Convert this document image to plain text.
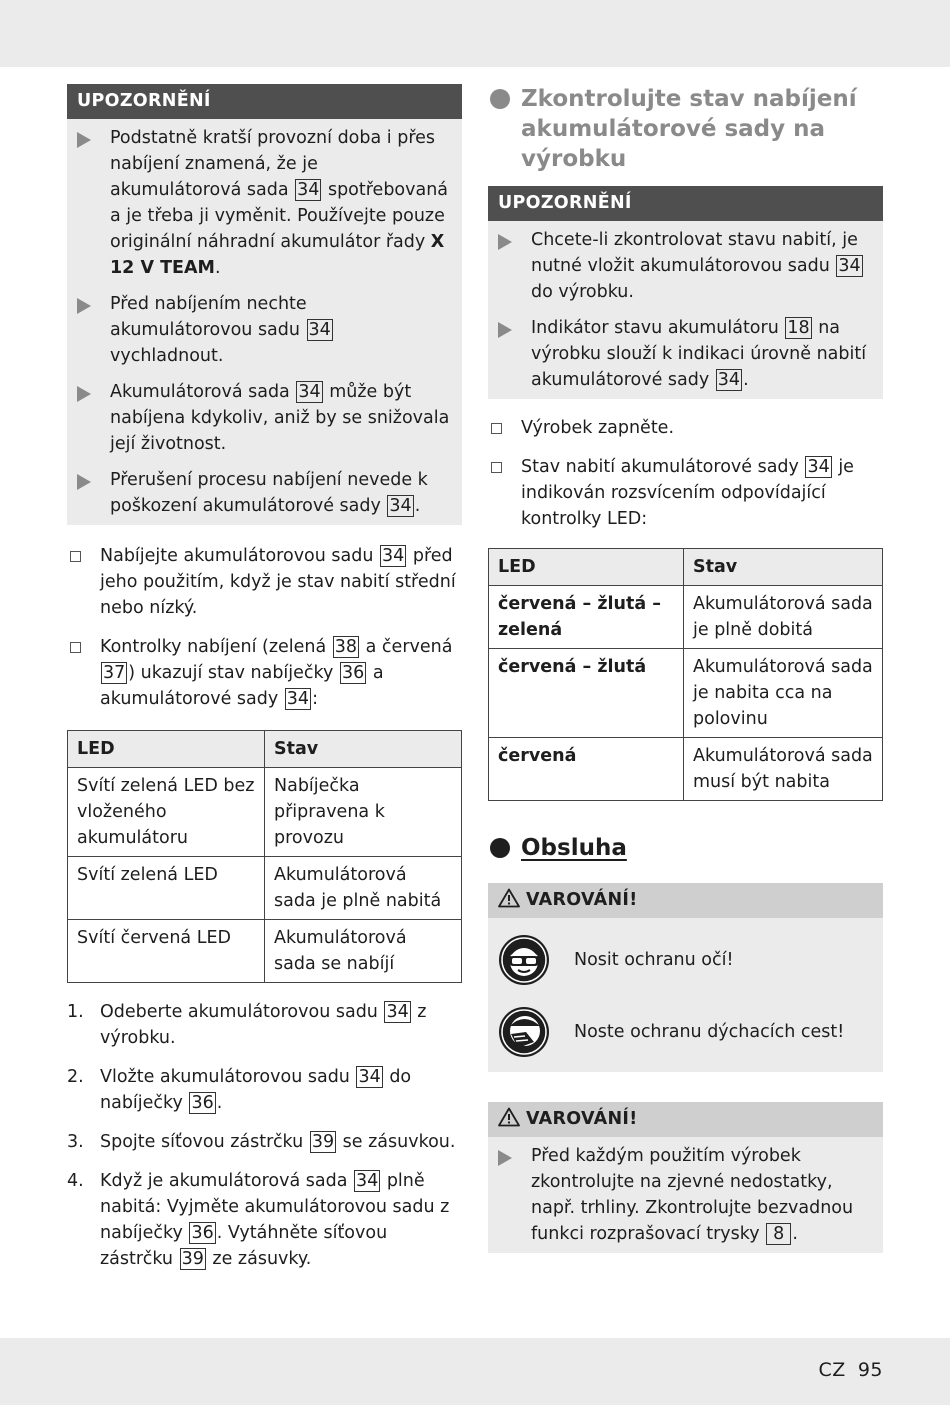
UPOZORNĚNÍ
Podstatně kratší provozní doba i přes nabíjení znamená, že je akumulátorová sada 34 spotřebovaná a je třeba ji vyměnit. Používejte pouze originální náhradní akumulátor řady X 12 V TEAM.
Před nabíjením nechte akumulátorovou sadu 34 vychladnout.
Akumulátorová sada 34 může být nabíjena kdykoliv, aniž by se snižovala její životnost.
Přerušení procesu nabíjení nevede k poškození akumulátorové sady 34 .
Nabíjejte akumulátorovou sadu 34 před jeho použitím, když je stav nabití střední nebo nízký.
Kontrolky nabíjení (zelená 38 a červená 37 ) ukazují stav nabíječky 36 a akumulátorové sady 34 :
LED	Stav
Svítí zelená LED bez vloženého akumulátoru	Nabíječka připravena k provozu
Svítí zelená LED	Akumulátorová sada je plně nabitá
Svítí červená LED	Akumulátorová sada se nabíjí
1. Odeberte akumulátorovou sadu 34 z výrobku.
2. Vložte akumulátorovou sadu 34 do nabíječky 36 .
3. Spojte síťovou zástrčku 39 se zásuvkou.
4. Když je akumulátorová sada 34 plně nabitá: Vyjměte akumulátorovou sadu z nabíječky 36 . Vytáhněte síťovou zástrčku 39 ze zásuvky.
Zkontrolujte stav nabíjení akumulátorové sady na výrobku
UPOZORNĚNÍ
Chcete-li zkontrolovat stavu nabití, je nutné vložit akumulátorovou sadu 34 do výrobku.
Indikátor stavu akumulátoru 18 na výrobku slouží k indikaci úrovně nabití akumulátorové sady 34 .
Výrobek zapněte.
Stav nabití akumulátorové sady 34 je indikován rozsvícením odpovídající kontrolky LED:
LED	Stav
červená – žlutá – zelená	Akumulátorová sada je plně dobitá
červená – žlutá	Akumulátorová sada je nabita cca na polovinu
červená	Akumulátorová sada musí být nabita
Obsluha
VAROVÁNÍ!
Nosit ochranu očí!
Noste ochranu dýchacích cest!
VAROVÁNÍ!
Před každým použitím výrobek zkontrolujte na zjevné nedostatky, např. trhliny. Zkontrolujte bezvadnou funkci rozprašovací trysky 8 .
CZ 95
